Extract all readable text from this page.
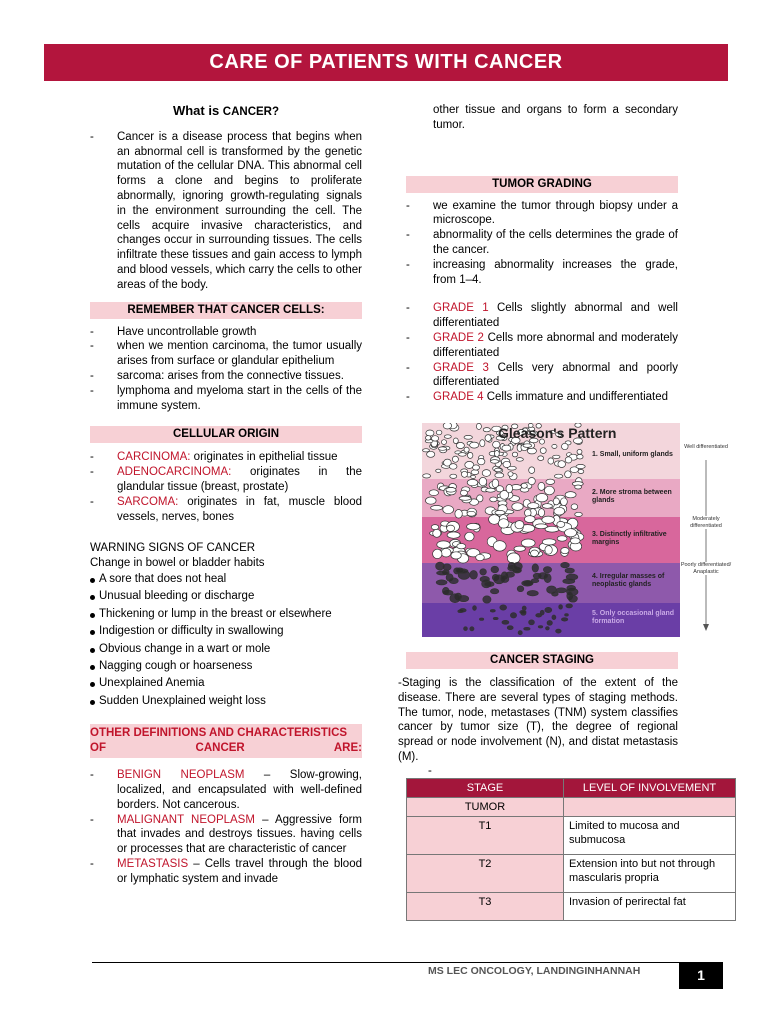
CARE OF PATIENTS WITH CANCER
What is CANCER?
- Cancer is a disease process that begins when an abnormal cell is transformed by the genetic mutation of the cellular DNA. This abnormal cell forms a clone and begins to proliferate abnormally, ignoring growth-regulating signals in the environment surrounding the cell. The cells acquire invasive characteristics, and changes occur in surrounding tissues. The cells infiltrate these tissues and gain access to lymph and blood vessels, which carry the cells to other areas of the body.
REMEMBER THAT CANCER CELLS:
- Have uncontrollable growth
- when we mention carcinoma, the tumor usually arises from surface or glandular epithelium
- sarcoma: arises from the connective tissues.
- lymphoma and myeloma start in the cells of the immune system.
CELLULAR ORIGIN
- CARCINOMA: originates in epithelial tissue
- ADENOCARCINOMA: originates in the glandular tissue (breast, prostate)
- SARCOMA: originates in fat, muscle blood vessels, nerves, bones
WARNING SIGNS OF CANCER
Change in bowel or bladder habits
A sore that does not heal
Unusual bleeding or discharge
Thickening or lump in the breast or elsewhere
Indigestion or difficulty in swallowing
Obvious change in a wart or mole
Nagging cough or hoarseness
Unexplained Anemia
Sudden Unexplained weight loss
OTHER DEFINITIONS AND CHARACTERISTICS OF CANCER ARE:
- BENIGN NEOPLASM – Slow-growing, localized, and encapsulated with well-defined borders. Not cancerous.
- MALIGNANT NEOPLASM – Aggressive form that invades and destroys tissues. having cells or processes that are characteristic of cancer
- METASTASIS – Cells travel through the blood or lymphatic system and invade
other tissue and organs to form a secondary tumor.
TUMOR GRADING
- we examine the tumor through biopsy under a microscope.
- abnormality of the cells determines the grade of the cancer.
- increasing abnormality increases the grade, from 1–4.
- GRADE 1 Cells slightly abnormal and well differentiated
- GRADE 2 Cells more abnormal and moderately differentiated
- GRADE 3 Cells very abnormal and poorly differentiated
- GRADE 4 Cells immature and undifferentiated
Gleason's Pattern
1. Small, uniform glands
2. More stroma between glands
3. Distinctly infiltrative margins
4. Irregular masses of neoplastic glands
5. Only occasional gland formation
Well differentiated
Moderately differentiated
Poorly differentiated/ Anaplastic
CANCER STAGING
-Staging is the classification of the extent of the disease. There are several types of staging methods. The tumor, node, metastases (TNM) system classifies cancer by tumor size (T), the degree of regional spread or node involvement (N), and distat metastasis (M).
-
STAGE	LEVEL OF INVOLVEMENT
TUMOR	
T1	Limited to mucosa and submucosa
T2	Extension into but not through mascularis propria
T3	Invasion of perirectal fat
MS LEC ONCOLOGY, LANDINGINHANNAH	1
